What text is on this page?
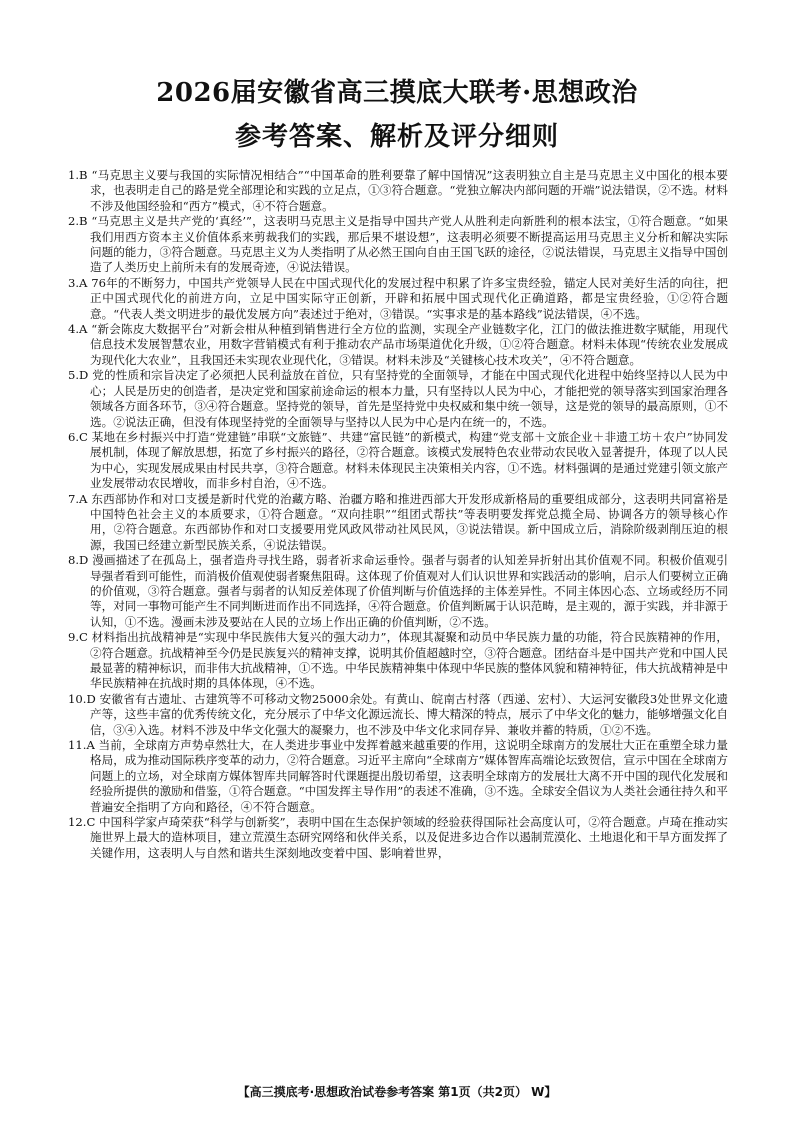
2026届安徽省高三摸底大联考·思想政治
参考答案、解析及评分细则

1.B “马克思主义要与我国的实际情况相结合”“中国革命的胜利要靠了解中国情况”这表明独立自主是马克思主义中国化的根本要求，也表明走自己的路是党全部理论和实践的立足点，①③符合题意。“党独立解决内部问题的开端”说法错误，②不选。材料不涉及他国经验和“西方”模式，④不符合题意。

2.B “马克思主义是共产党的‘真经’”，这表明马克思主义是指导中国共产党人从胜利走向新胜利的根本法宝，①符合题意。“如果我们用西方资本主义价值体系来剪裁我们的实践，那后果不堪设想”，这表明必须要不断提高运用马克思主义分析和解决实际问题的能力，③符合题意。马克思主义为人类指明了从必然王国向自由王国飞跃的途径，②说法错误，马克思主义指导中国创造了人类历史上前所未有的发展奇迹，④说法错误。

3.A 76年的不断努力，中国共产党领导人民在中国式现代化的发展过程中积累了许多宝贵经验，锚定人民对美好生活的向往，把正中国式现代化的前进方向，立足中国实际守正创新，开辟和拓展中国式现代化正确道路，都是宝贵经验，①②符合题意。“代表人类文明进步的最优发展方向”表述过于绝对，③错误。“实事求是的基本路线”说法错误，④不选。

4.A “新会陈皮大数据平台”对新会柑从种植到销售进行全方位的监测，实现全产业链数字化，江门的做法推进数字赋能，用现代信息技术发展智慧农业，用数字营销模式有利于推动农产品市场渠道优化升级，①②符合题意。材料未体现“传统农业发展成为现代化大农业”，且我国还未实现农业现代化，③错误。材料未涉及“关键核心技术攻关”，④不符合题意。

5.D 党的性质和宗旨决定了必须把人民利益放在首位，只有坚持党的全面领导，才能在中国式现代化进程中始终坚持以人民为中心；人民是历史的创造者，是决定党和国家前途命运的根本力量，只有坚持以人民为中心，才能把党的领导落实到国家治理各领域各方面各环节，③④符合题意。坚持党的领导，首先是坚持党中央权威和集中统一领导，这是党的领导的最高原则，①不选。②说法正确，但没有体现坚持党的全面领导与坚持以人民为中心是内在统一的，不选。

6.C 某地在乡村振兴中打造“党建链”串联“文旅链”、共建“富民链”的新模式，构建“党支部＋文旅企业＋非遗工坊＋农户”协同发展机制，体现了解放思想，拓宽了乡村振兴的路径，②符合题意。该模式发展特色农业带动农民收入显著提升，体现了以人民为中心，实现发展成果由村民共享，③符合题意。材料未体现民主决策相关内容，①不选。材料强调的是通过党建引领文旅产业发展带动农民增收，而非乡村自治，④不选。

7.A 东西部协作和对口支援是新时代党的治藏方略、治疆方略和推进西部大开发形成新格局的重要组成部分，这表明共同富裕是中国特色社会主义的本质要求，①符合题意。“双向挂职”“组团式帮扶”等表明要发挥党总揽全局、协调各方的领导核心作用，②符合题意。东西部协作和对口支援要用党风政风带动社风民风，③说法错误。新中国成立后，消除阶级剥削压迫的根源，我国已经建立新型民族关系，④说法错误。

8.D 漫画描述了在孤岛上，强者造舟寻找生路，弱者祈求命运垂怜。强者与弱者的认知差异折射出其价值观不同。积极价值观引导强者看到可能性，而消极价值观使弱者聚焦阻碍。这体现了价值观对人们认识世界和实践活动的影响，启示人们要树立正确的价值观，③符合题意。强者与弱者的认知反差体现了价值判断与价值选择的主体差异性。不同主体因心态、立场或经历不同等，对同一事物可能产生不同判断进而作出不同选择，④符合题意。价值判断属于认识范畴，是主观的，源于实践，并非源于认知，①不选。漫画未涉及要站在人民的立场上作出正确的价值判断，②不选。

9.C 材料指出抗战精神是“实现中华民族伟大复兴的强大动力”，体现其凝聚和动员中华民族力量的功能，符合民族精神的作用，②符合题意。抗战精神至今仍是民族复兴的精神支撑，说明其价值超越时空，③符合题意。团结奋斗是中国共产党和中国人民最显著的精神标识，而非伟大抗战精神，①不选。中华民族精神集中体现中华民族的整体风貌和精神特征，伟大抗战精神是中华民族精神在抗战时期的具体体现，④不选。

10.D 安徽省有古遗址、古建筑等不可移动文物25000余处。有黄山、皖南古村落（西递、宏村）、大运河安徽段3处世界文化遗产等，这些丰富的优秀传统文化，充分展示了中华文化源远流长、博大精深的特点，展示了中华文化的魅力，能够增强文化自信，③④入选。材料不涉及中华文化强大的凝聚力，也不涉及中华文化求同存异、兼收并蓄的特质，①②不选。

11.A 当前，全球南方声势卓然壮大，在人类进步事业中发挥着越来越重要的作用，这说明全球南方的发展壮大正在重塑全球力量格局，成为推动国际秩序变革的动力，②符合题意。习近平主席向“全球南方”媒体智库高端论坛致贺信，宣示中国在全球南方问题上的立场，对全球南方媒体智库共同解答时代课题提出殷切希望，这表明全球南方的发展壮大离不开中国的现代化发展和经验所提供的激励和借鉴，①符合题意。“中国发挥主导作用”的表述不准确，③不选。全球安全倡议为人类社会通往持久和平普遍安全指明了方向和路径，④不符合题意。

12.C 中国科学家卢琦荣获“科学与创新奖”，表明中国在生态保护领域的经验获得国际社会高度认可，②符合题意。卢琦在推动实施世界上最大的造林项目，建立荒漠生态研究网络和伙伴关系，以及促进多边合作以遏制荒漠化、土地退化和干旱方面发挥了关键作用，这表明人与自然和谐共生深刻地改变着中国、影响着世界，

【高三摸底考·思想政治试卷参考答案 第1页（共2页） W】
